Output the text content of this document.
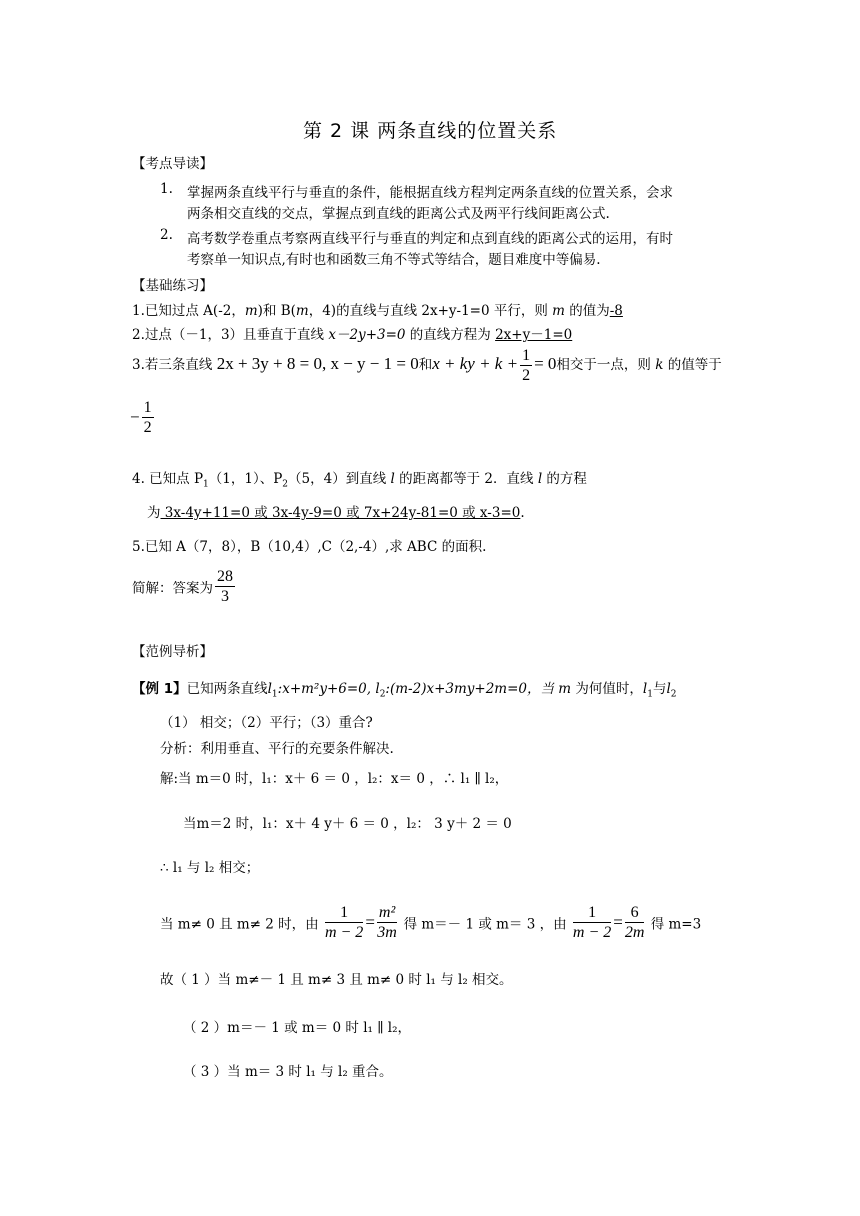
第 2 课 两条直线的位置关系
【考点导读】
1. 掌握两条直线平行与垂直的条件，能根据直线方程判定两条直线的位置关系，会求
两条相交直线的交点，掌握点到直线的距离公式及两平行线间距离公式.
2. 高考数学卷重点考察两直线平行与垂直的判定和点到直线的距离公式的运用，有时
考察单一知识点,有时也和函数三角不等式等结合，题目难度中等偏易.
【基础练习】
1.已知过点 A(-2，m)和 B(m，4)的直线与直线 2x+y-1=0 平行，则 m 的值为-8
2.过点（－1，3）且垂直于直线 x－2y+3=0 的直线方程为 2x+y－1=0
3.若三条直线 2x + 3y + 8 = 0, x − y − 1 = 0和x + ky + $k + \frac{1}{2} = 0$相交于一点，则 k 的值等于
− $\frac{1}{2}$
4. 已知点 $P_1(1$，1）、$P_2(5$，4）到直线 l 的距离都等于 2．直线 l 的方程
为 3x-4y+11=0 或 3x-4y-9=0 或 7x+24y-81=0 或 x-3=0.
5.已知 A（7，8），B（10,4）,C（2,-4）,求 ABC 的面积.
简解：答案为 $\frac{28}{3}$
【范例导析】
【例 1】已知两条直线$l_1:x+m^2y+6=0$, $l_2:(m-2)x+3my+2m=0$，当 m 为何值时，$l_1$与$l_2$
（1） 相交；（2）平行；（3）重合?
分析：利用垂直、平行的充要条件解决.
解:当 m＝0 时，l₁：x＋ 6 ＝ 0 ，l₂：x＝ 0 ，∴ l₁ ∥ l₂，
当m＝2 时，l₁：x＋ 4 y＋ 6 ＝ 0 ，l₂： 3 y＋ 2 ＝ 0
∴ l₁ 与 l₂ 相交；
当 m≠ 0 且 m≠ 2 时，由 $\frac{1}{m - 2} = \frac{\text{m²}}{3m}$ 得 m＝－ 1 或 m＝ 3 ，由 $\frac{1}{m - 2} = \frac{6}{2m}$ 得 m=3
故（ 1 ）当 m≠－ 1 且 m≠ 3 且 m≠ 0 时 l₁ 与 l₂ 相交。
（ 2 ）m＝－ 1 或 m＝ 0 时 l₁ ∥ l₂，
（ 3 ）当 m＝ 3 时 l₁ 与 l₂ 重合。
